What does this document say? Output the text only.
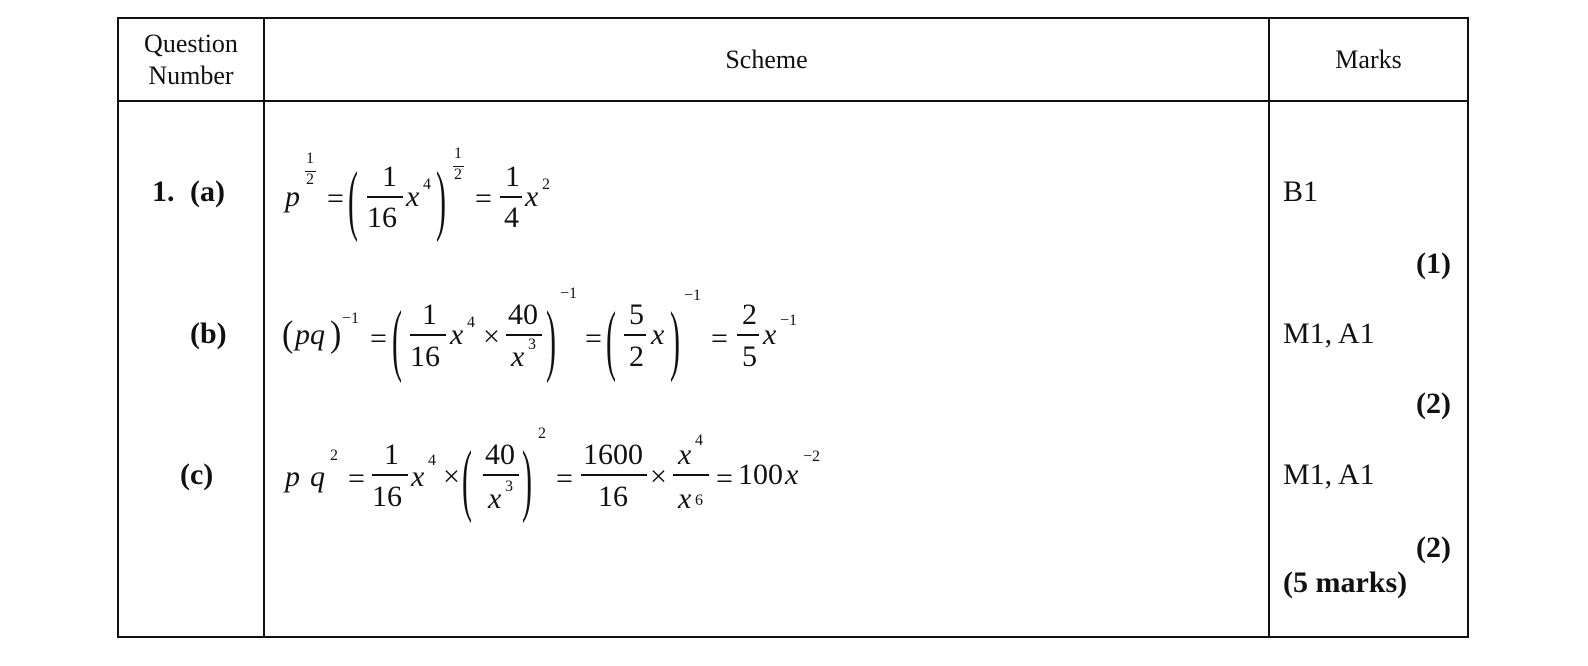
Question
Number
Scheme	Marks
1. (a)
(b)
(c)
B1
(1)
M1, A1
(2)
M1, A1
(2)
(5 marks)
p
1
2
= ( 1
16
x 4 )
1
2
=
1
4
x 2
( pq ) −1
= ( 1
16
x 4 ×
40
x 3 )
−1
= ( 5
2
x )
−1
=
2
5
x −1
p q
2
=
1
16
x 4 × ( 40
x 3 )
2
=
1600
16
×
x 4
x 6
= 100 x
−2
